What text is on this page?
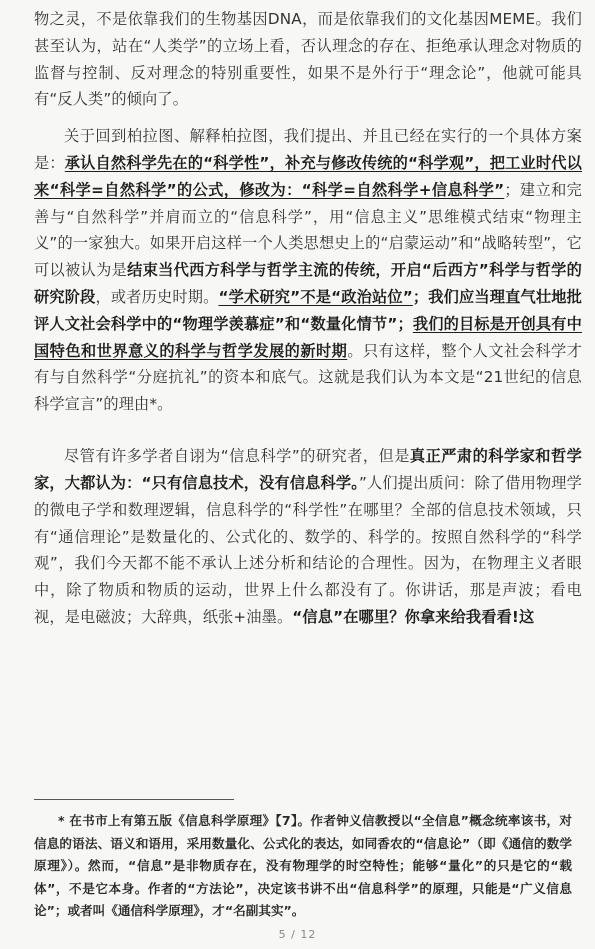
物之灵，不是依靠我们的生物基因DNA，而是依靠我们的文化基因MEME。我们甚至认为，站在“人类学”的立场上看，否认理念的存在、拒绝承认理念对物质的监督与控制、反对理念的特别重要性，如果不是外行于“理念论”，他就可能具有“反人类”的倾向了。

关于回到柏拉图、解释柏拉图，我们提出、并且已经在实行的一个具体方案是：承认自然科学先在的“科学性”，补充与修改传统的“科学观”，把工业时代以来“科学=自然科学”的公式，修改为：“科学=自然科学+信息科学”；建立和完善与“自然科学”并肩而立的“信息科学”，用“信息主义”思维模式结束“物理主义”的一家独大。如果开启这样一个人类思想史上的“启蒙运动”和“战略转型”，它可以被认为是结束当代西方科学与哲学主流的传统，开启“后西方”科学与哲学的研究阶段，或者历史时期。“学术研究”不是“政治站位”；我们应当理直气壮地批评人文社会科学中的“物理学羡慕症”和“数量化情节”；我们的目标是开创具有中国特色和世界意义的科学与哲学发展的新时期。只有这样，整个人文社会科学才有与自然科学“分庭抗礼”的资本和底气。这就是我们认为本文是“21世纪的信息科学宣言”的理由*。

尽管有许多学者自诩为“信息科学”的研究者，但是真正严肃的科学家和哲学家，大都认为：“只有信息技术，没有信息科学。”人们提出质问：除了借用物理学的微电子学和数理逻辑，信息科学的“科学性”在哪里？全部的信息技术领域，只有“通信理论”是数量化的、公式化的、数学的、科学的。按照自然科学的“科学观”，我们今天都不能不承认上述分析和结论的合理性。因为，在物理主义者眼中，除了物质和物质的运动，世界上什么都没有了。你讲话，那是声波；看电视，是电磁波；大辞典，纸张+油墨。“信息”在哪里？你拿来给我看看!这

* 在书市上有第五版《信息科学原理》【7】。作者钟义信教授以“全信息”概念统率该书，对信息的语法、语义和语用，采用数量化、公式化的表达，如同香农的“信息论”（即《通信的数学原理》）。然而，“信息”是非物质存在，没有物理学的时空特性；能够“量化”的只是它的“载体”，不是它本身。作者的“方法论”，决定该书讲不出“信息科学”的原理，只能是“广义信息论”；或者叫《通信科学原理》，才“名副其实”。

5 / 12
